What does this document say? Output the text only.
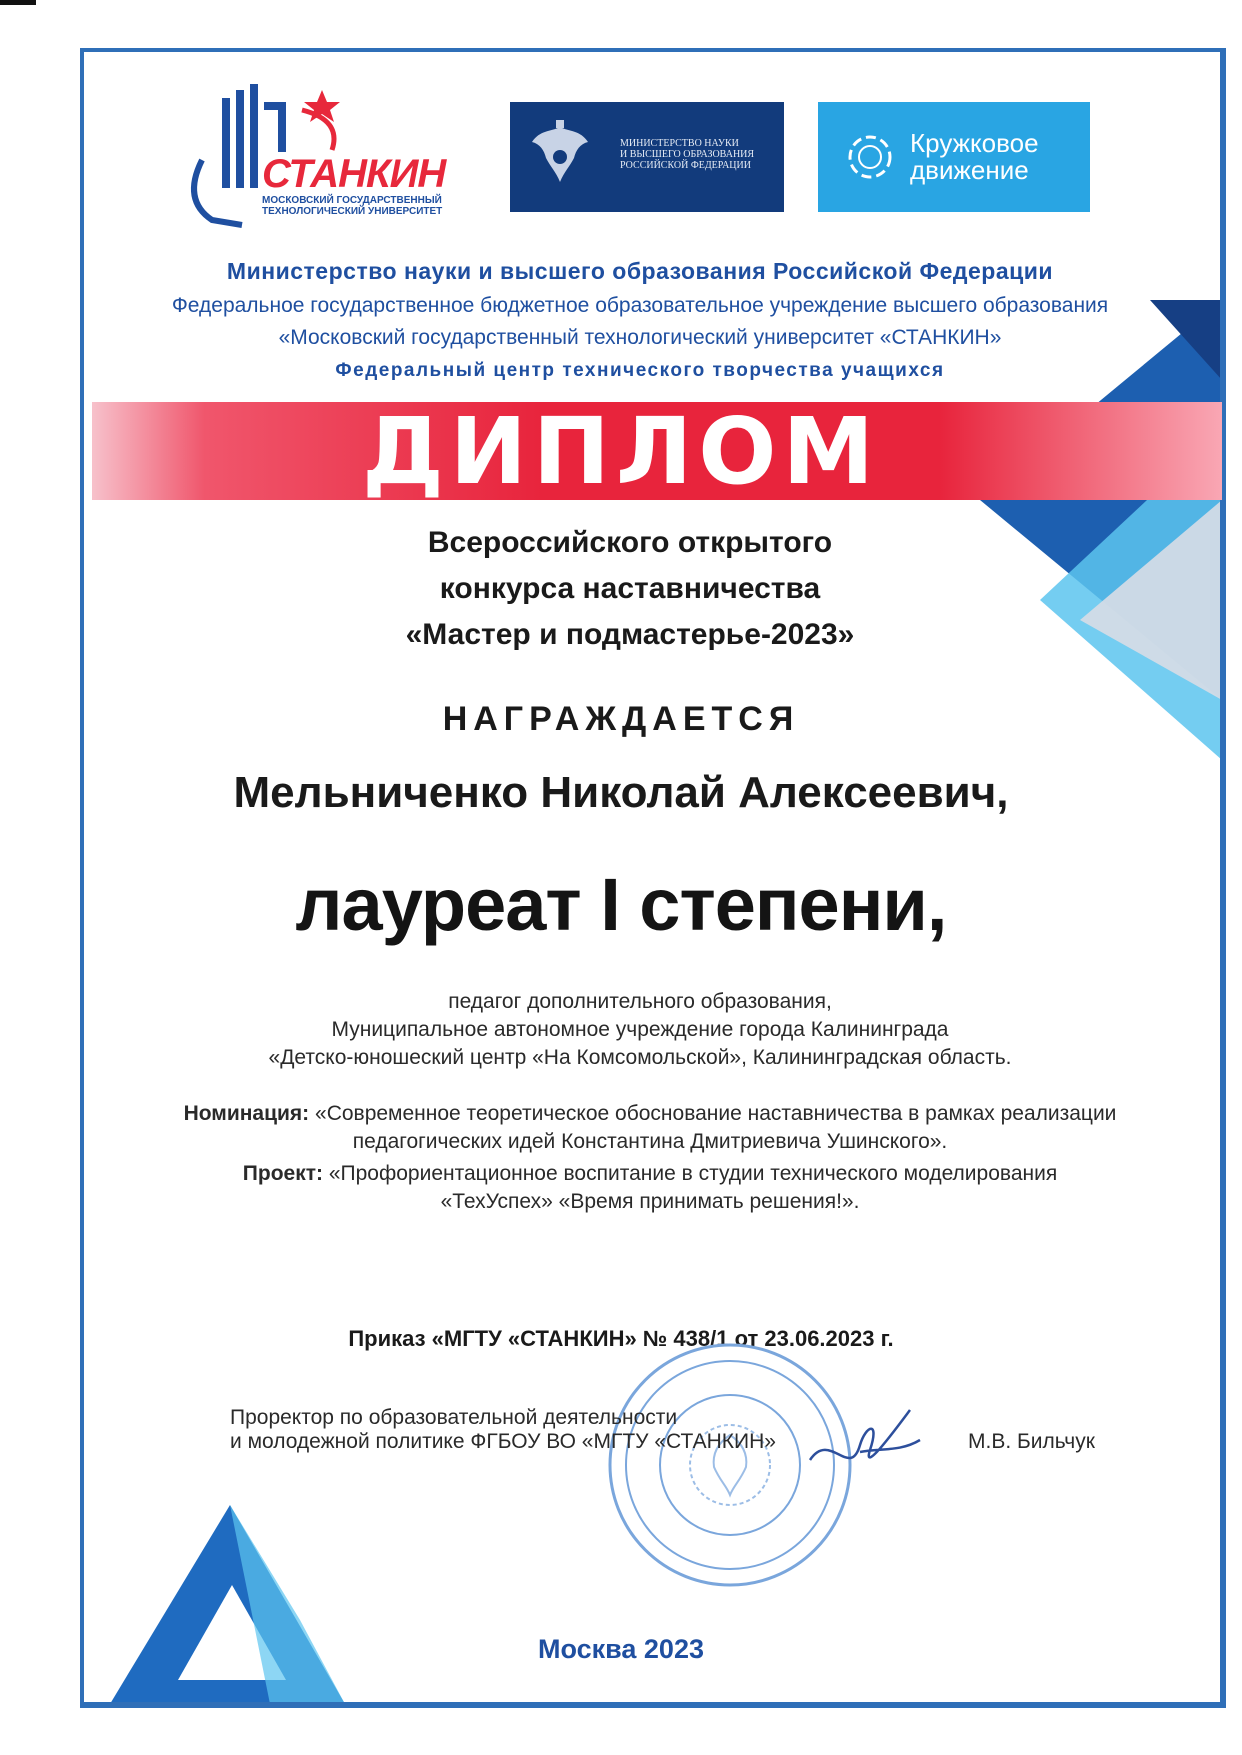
СТАНКИН
МОСКОВСКИЙ ГОСУДАРСТВЕННЫЙ
ТЕХНОЛОГИЧЕСКИЙ УНИВЕРСИТЕТ
МИНИСТЕРСТВО НАУКИ
И ВЫСШЕГО ОБРАЗОВАНИЯ
РОССИЙСКОЙ ФЕДЕРАЦИИ
Кружковое
движение
Министерство науки и высшего образования Российской Федерации
Федеральное государственное бюджетное образовательное учреждение высшего образования
«Московский государственный технологический университет «СТАНКИН»
Федеральный центр технического творчества учащихся
ДИПЛОМ
Всероссийского открытого
конкурса наставничества
«Мастер и подмастерье-2023»
НАГРАЖДАЕТСЯ
Мельниченко Николай Алексеевич,
лауреат I степени,
педагог дополнительного образования,
Муниципальное автономное учреждение города Калининграда
«Детско-юношеский центр «На Комсомольской», Калининградская область.
Номинация: «Современное теоретическое обоснование наставничества в рамках реализации
педагогических идей Константина Дмитриевича Ушинского».
Проект: «Профориентационное воспитание в студии технического моделирования
«ТехУспех» «Время принимать решения!».
Приказ «МГТУ «СТАНКИН» № 438/1 от 23.06.2023 г.
Проректор по образовательной деятельности
и молодежной политике ФГБОУ ВО «МГТУ «СТАНКИН»	М.В. Бильчук
Москва 2023
